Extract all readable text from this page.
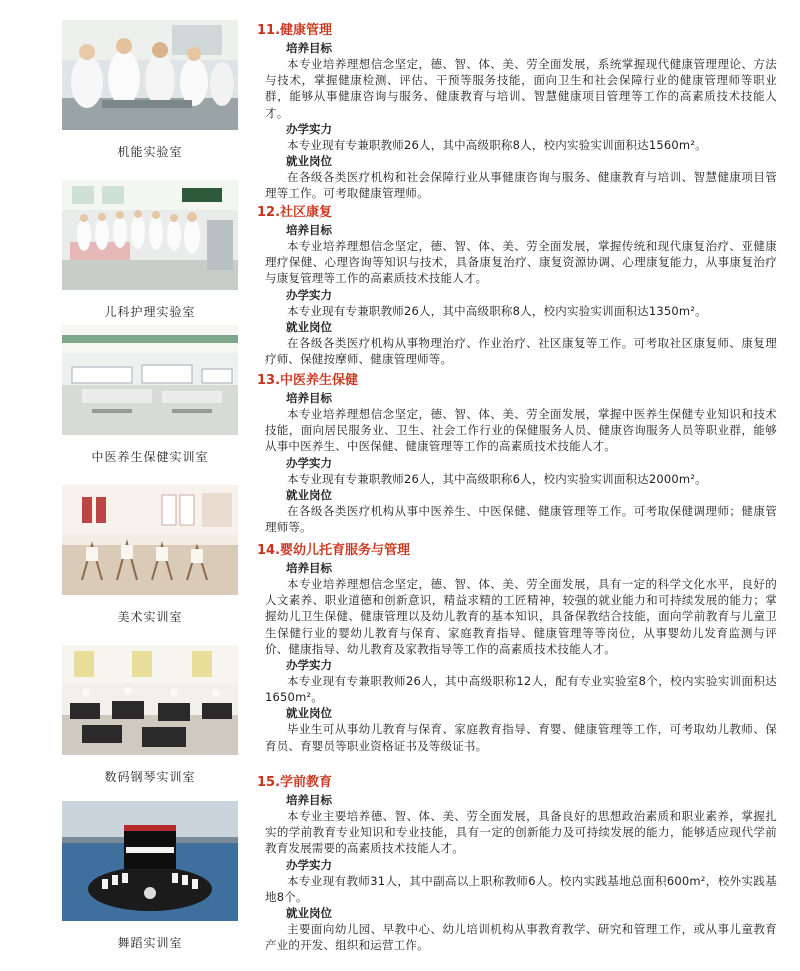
机能实验室
儿科护理实验室
中医养生保健实训室
美术实训室
数码钢琴实训室
舞蹈实训室
11.健康管理
培养目标
本专业培养理想信念坚定，德、智、体、美、劳全面发展，系统掌握现代健康管理理论、方法与技术，掌握健康检测、评估、干预等服务技能，面向卫生和社会保障行业的健康管理师等职业群，能够从事健康咨询与服务、健康教育与培训、智慧健康项目管理等工作的高素质技术技能人才。
办学实力
本专业现有专兼职教师26人，其中高级职称8人，校内实验实训面积达1560m²。
就业岗位
在各级各类医疗机构和社会保障行业从事健康咨询与服务、健康教育与培训、智慧健康项目管理等工作。可考取健康管理师。
12.社区康复
培养目标
本专业培养理想信念坚定，德、智、体、美、劳全面发展，掌握传统和现代康复治疗、亚健康理疗保健、心理咨询等知识与技术，具备康复治疗、康复资源协调、心理康复能力，从事康复治疗与康复管理等工作的高素质技术技能人才。
办学实力
本专业现有专兼职教师26人，其中高级职称8人，校内实验实训面积达1350m²。
就业岗位
在各级各类医疗机构从事物理治疗、作业治疗、社区康复等工作。可考取社区康复师、康复理疗师、保健按摩师、健康管理师等。
13.中医养生保健
培养目标
本专业培养理想信念坚定，德、智、体、美、劳全面发展，掌握中医养生保健专业知识和技术技能，面向居民服务业、卫生、社会工作行业的保健服务人员、健康咨询服务人员等职业群，能够从事中医养生、中医保健、健康管理等工作的高素质技术技能人才。
办学实力
本专业现有专兼职教师26人，其中高级职称6人，校内实验实训面积达2000m²。
就业岗位
在各级各类医疗机构从事中医养生、中医保健、健康管理等工作。可考取保健调理师；健康管理师等。
14.婴幼儿托育服务与管理
培养目标
本专业培养理想信念坚定，德、智、体、美、劳全面发展，具有一定的科学文化水平，良好的人文素养、职业道德和创新意识，精益求精的工匠精神，较强的就业能力和可持续发展的能力；掌握幼儿卫生保健、健康管理以及幼儿教育的基本知识，具备保教结合技能，面向学前教育与儿童卫生保健行业的婴幼儿教育与保育、家庭教育指导、健康管理等等岗位，从事婴幼儿发育监测与评价、健康指导、幼儿教育及家教指导等工作的高素质技术技能人才。
办学实力
本专业现有专兼职教师26人，其中高级职称12人，配有专业实验室8个，校内实验实训面积达1650m²。
就业岗位
毕业生可从事幼儿教育与保育、家庭教育指导、育婴、健康管理等工作，可考取幼儿教师、保育员、育婴员等职业资格证书及等级证书。
15.学前教育
培养目标
本专业主要培养德、智、体、美、劳全面发展，具备良好的思想政治素质和职业素养，掌握扎实的学前教育专业知识和专业技能，具有一定的创新能力及可持续发展的能力，能够适应现代学前教育发展需要的高素质技术技能人才。
办学实力
本专业现有教师31人，其中副高以上职称教师6人。校内实践基地总面积600m²，校外实践基地8个。
就业岗位
主要面向幼儿园、早教中心、幼儿培训机构从事教育教学、研究和管理工作，或从事儿童教育产业的开发、组织和运营工作。
